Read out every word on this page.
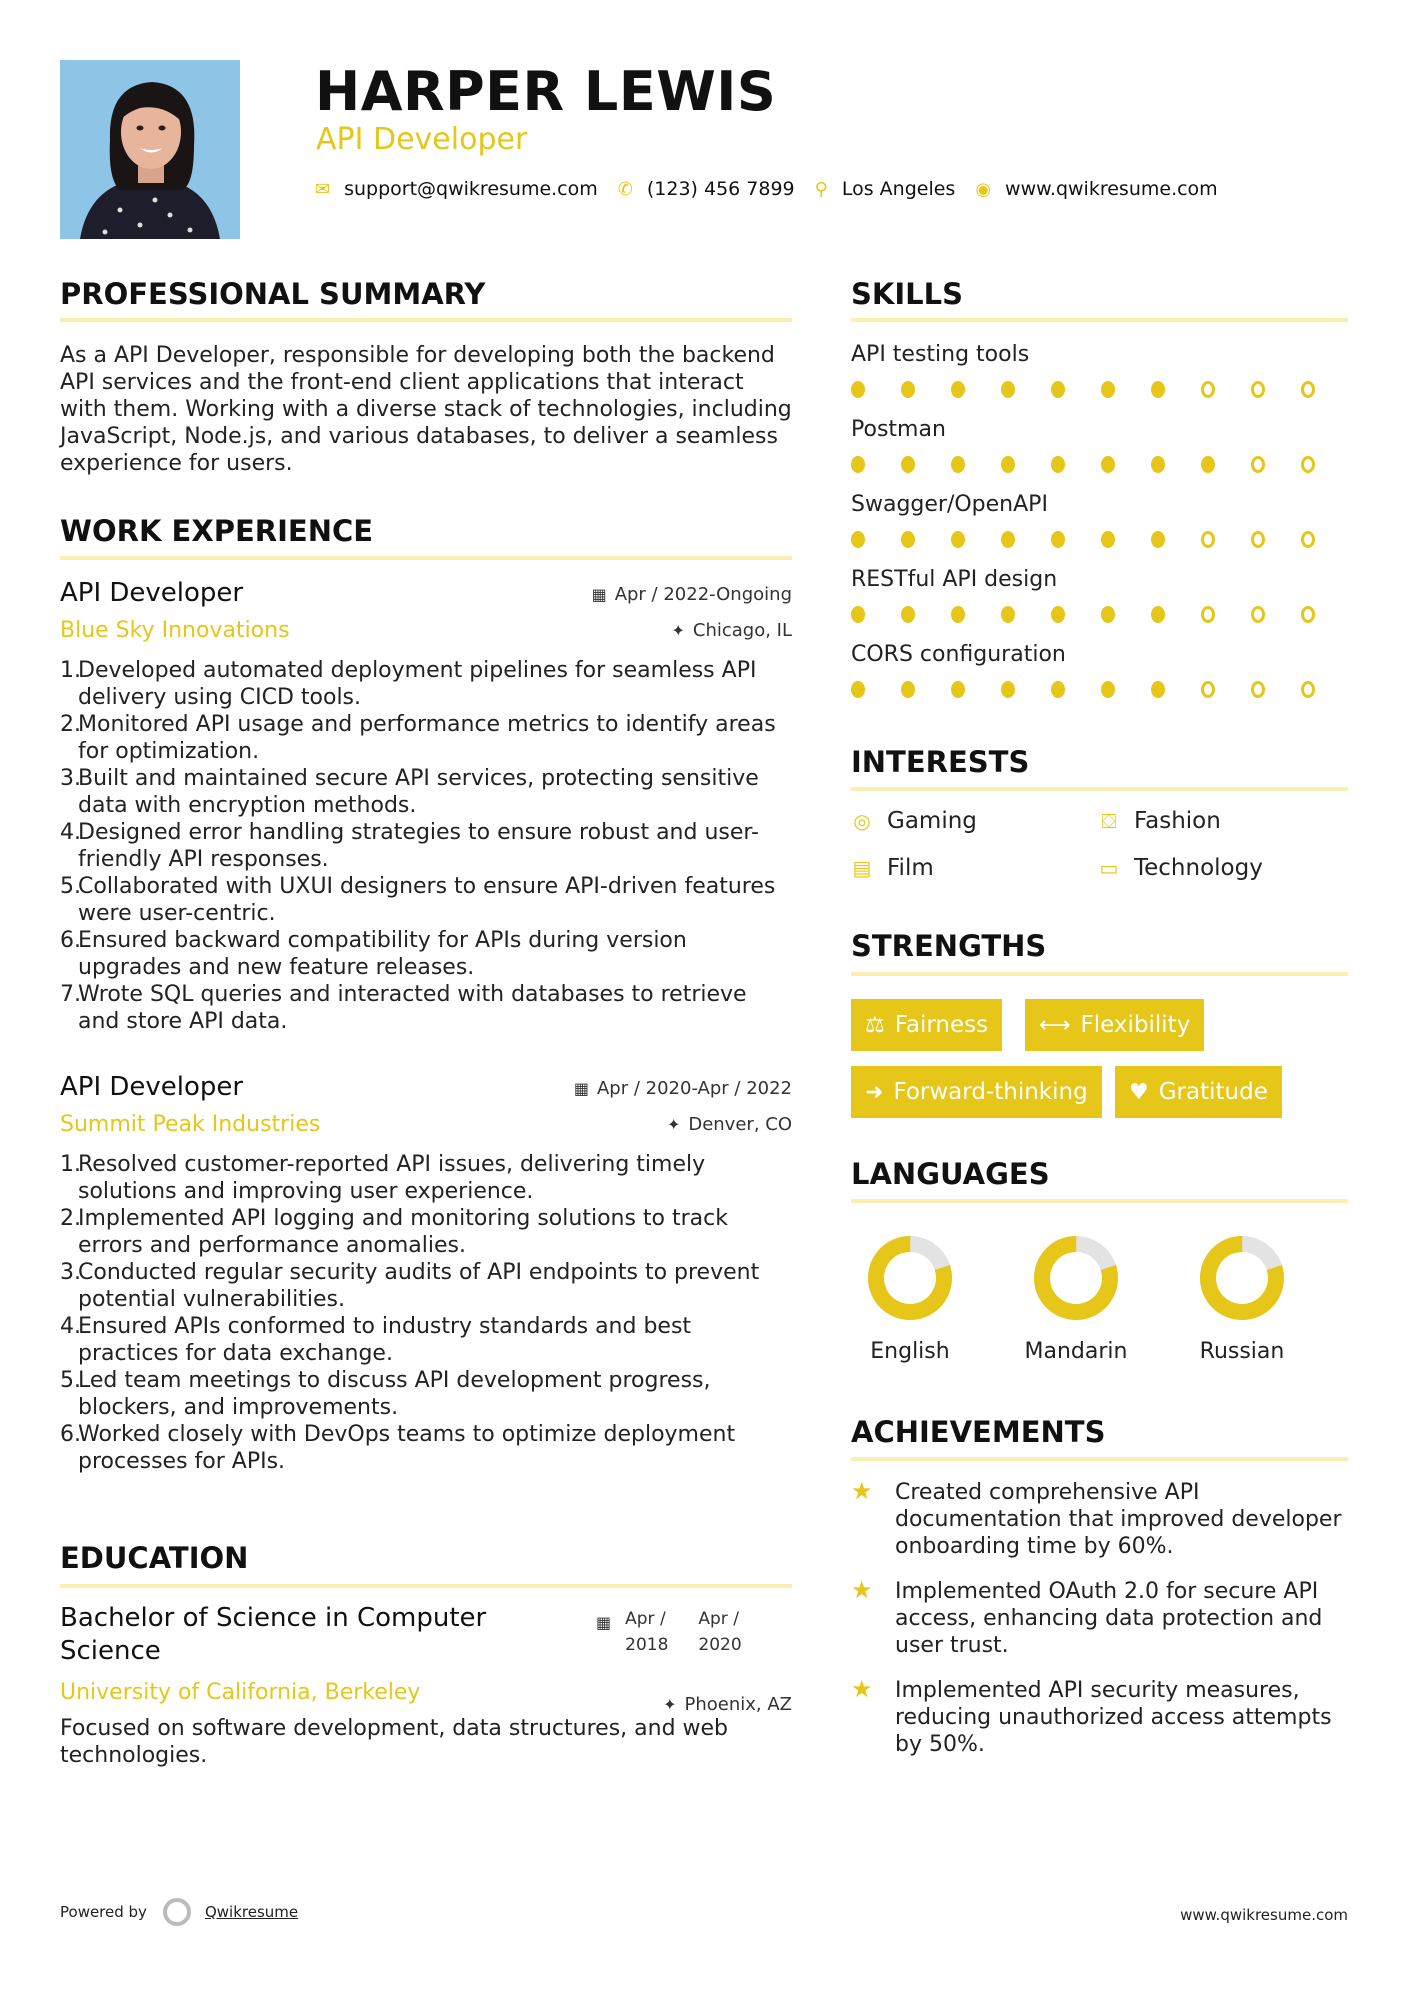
HARPER LEWIS
API Developer
✉ support@qwikresume.com ✆ (123) 456 7899 ⚲ Los Angeles ◉ www.qwikresume.com
PROFESSIONAL SUMMARY
As a API Developer, responsible for developing both the backend API services and the front-end client applications that interact with them. Working with a diverse stack of technologies, including JavaScript, Node.js, and various databases, to deliver a seamless experience for users.
WORK EXPERIENCE
API Developer
Blue Sky Innovations
▦ Apr / 2022-Ongoing
✦ Chicago, IL
1.
Developed automated deployment pipelines for seamless API delivery using CICD tools.
2.
Monitored API usage and performance metrics to identify areas for optimization.
3.
Built and maintained secure API services, protecting sensitive data with encryption methods.
4.
Designed error handling strategies to ensure robust and user-friendly API responses.
5.
Collaborated with UXUI designers to ensure API-driven features were user-centric.
6.
Ensured backward compatibility for APIs during version upgrades and new feature releases.
7.
Wrote SQL queries and interacted with databases to retrieve and store API data.
API Developer
Summit Peak Industries
▦ Apr / 2020-Apr / 2022
✦ Denver, CO
1.
Resolved customer-reported API issues, delivering timely solutions and improving user experience.
2.
Implemented API logging and monitoring solutions to track errors and performance anomalies.
3.
Conducted regular security audits of API endpoints to prevent potential vulnerabilities.
4.
Ensured APIs conformed to industry standards and best practices for data exchange.
5.
Led team meetings to discuss API development progress, blockers, and improvements.
6.
Worked closely with DevOps teams to optimize deployment processes for APIs.
EDUCATION
Bachelor of Science in Computer Science
University of California, Berkeley
Focused on software development, data structures, and web technologies.
▦ Apr /
2018
Apr /
2020
✦ Phoenix, AZ
SKILLS
API testing tools
Postman
Swagger/OpenAPI
RESTful API design
CORS configuration
INTERESTS
◎ Gaming	⛋ Fashion
▤ Film	▭ Technology
STRENGTHS
⚖ Fairness ⟷ Flexibility
➜ Forward-thinking ♥ Gratitude
LANGUAGES
English	Mandarin	Russian
ACHIEVEMENTS
★	Created comprehensive API documentation that improved developer onboarding time by 60%.
★	Implemented OAuth 2.0 for secure API access, enhancing data protection and user trust.
★	Implemented API security measures, reducing unauthorized access attempts by 50%.
Powered by	Qwikresume	www.qwikresume.com
